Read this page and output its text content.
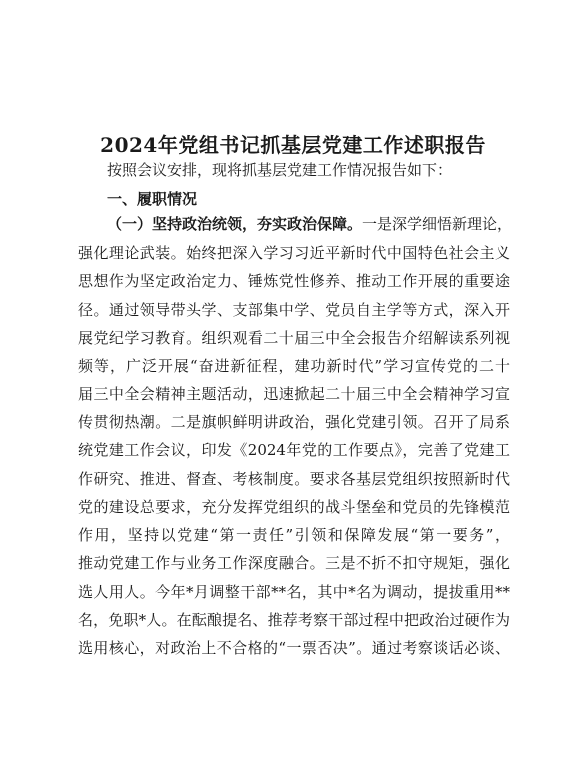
2024年党组书记抓基层党建工作述职报告
按照会议安排，现将抓基层党建工作情况报告如下：
一、履职情况
（一）坚持政治统领，夯实政治保障。一是深学细悟新理论，
强化理论武装。始终把深入学习习近平新时代中国特色社会主义
思想作为坚定政治定力、锤炼党性修养、推动工作开展的重要途
径。通过领导带头学、支部集中学、党员自主学等方式，深入开
展党纪学习教育。组织观看二十届三中全会报告介绍解读系列视
频等，广泛开展“奋进新征程，建功新时代”学习宣传党的二十
届三中全会精神主题活动，迅速掀起二十届三中全会精神学习宣
传贯彻热潮。二是旗帜鲜明讲政治，强化党建引领。召开了局系
统党建工作会议，印发《2024年党的工作要点》，完善了党建工
作研究、推进、督查、考核制度。要求各基层党组织按照新时代
党的建设总要求，充分发挥党组织的战斗堡垒和党员的先锋模范
作用，坚持以党建“第一责任”引领和保障发展“第一要务”，
推动党建工作与业务工作深度融合。三是不折不扣守规矩，强化
选人用人。今年*月调整干部**名，其中*名为调动，提拔重用**
名，免职*人。在酝酿提名、推荐考察干部过程中把政治过硬作为
选用核心，对政治上不合格的“一票否决”。通过考察谈话必谈、
